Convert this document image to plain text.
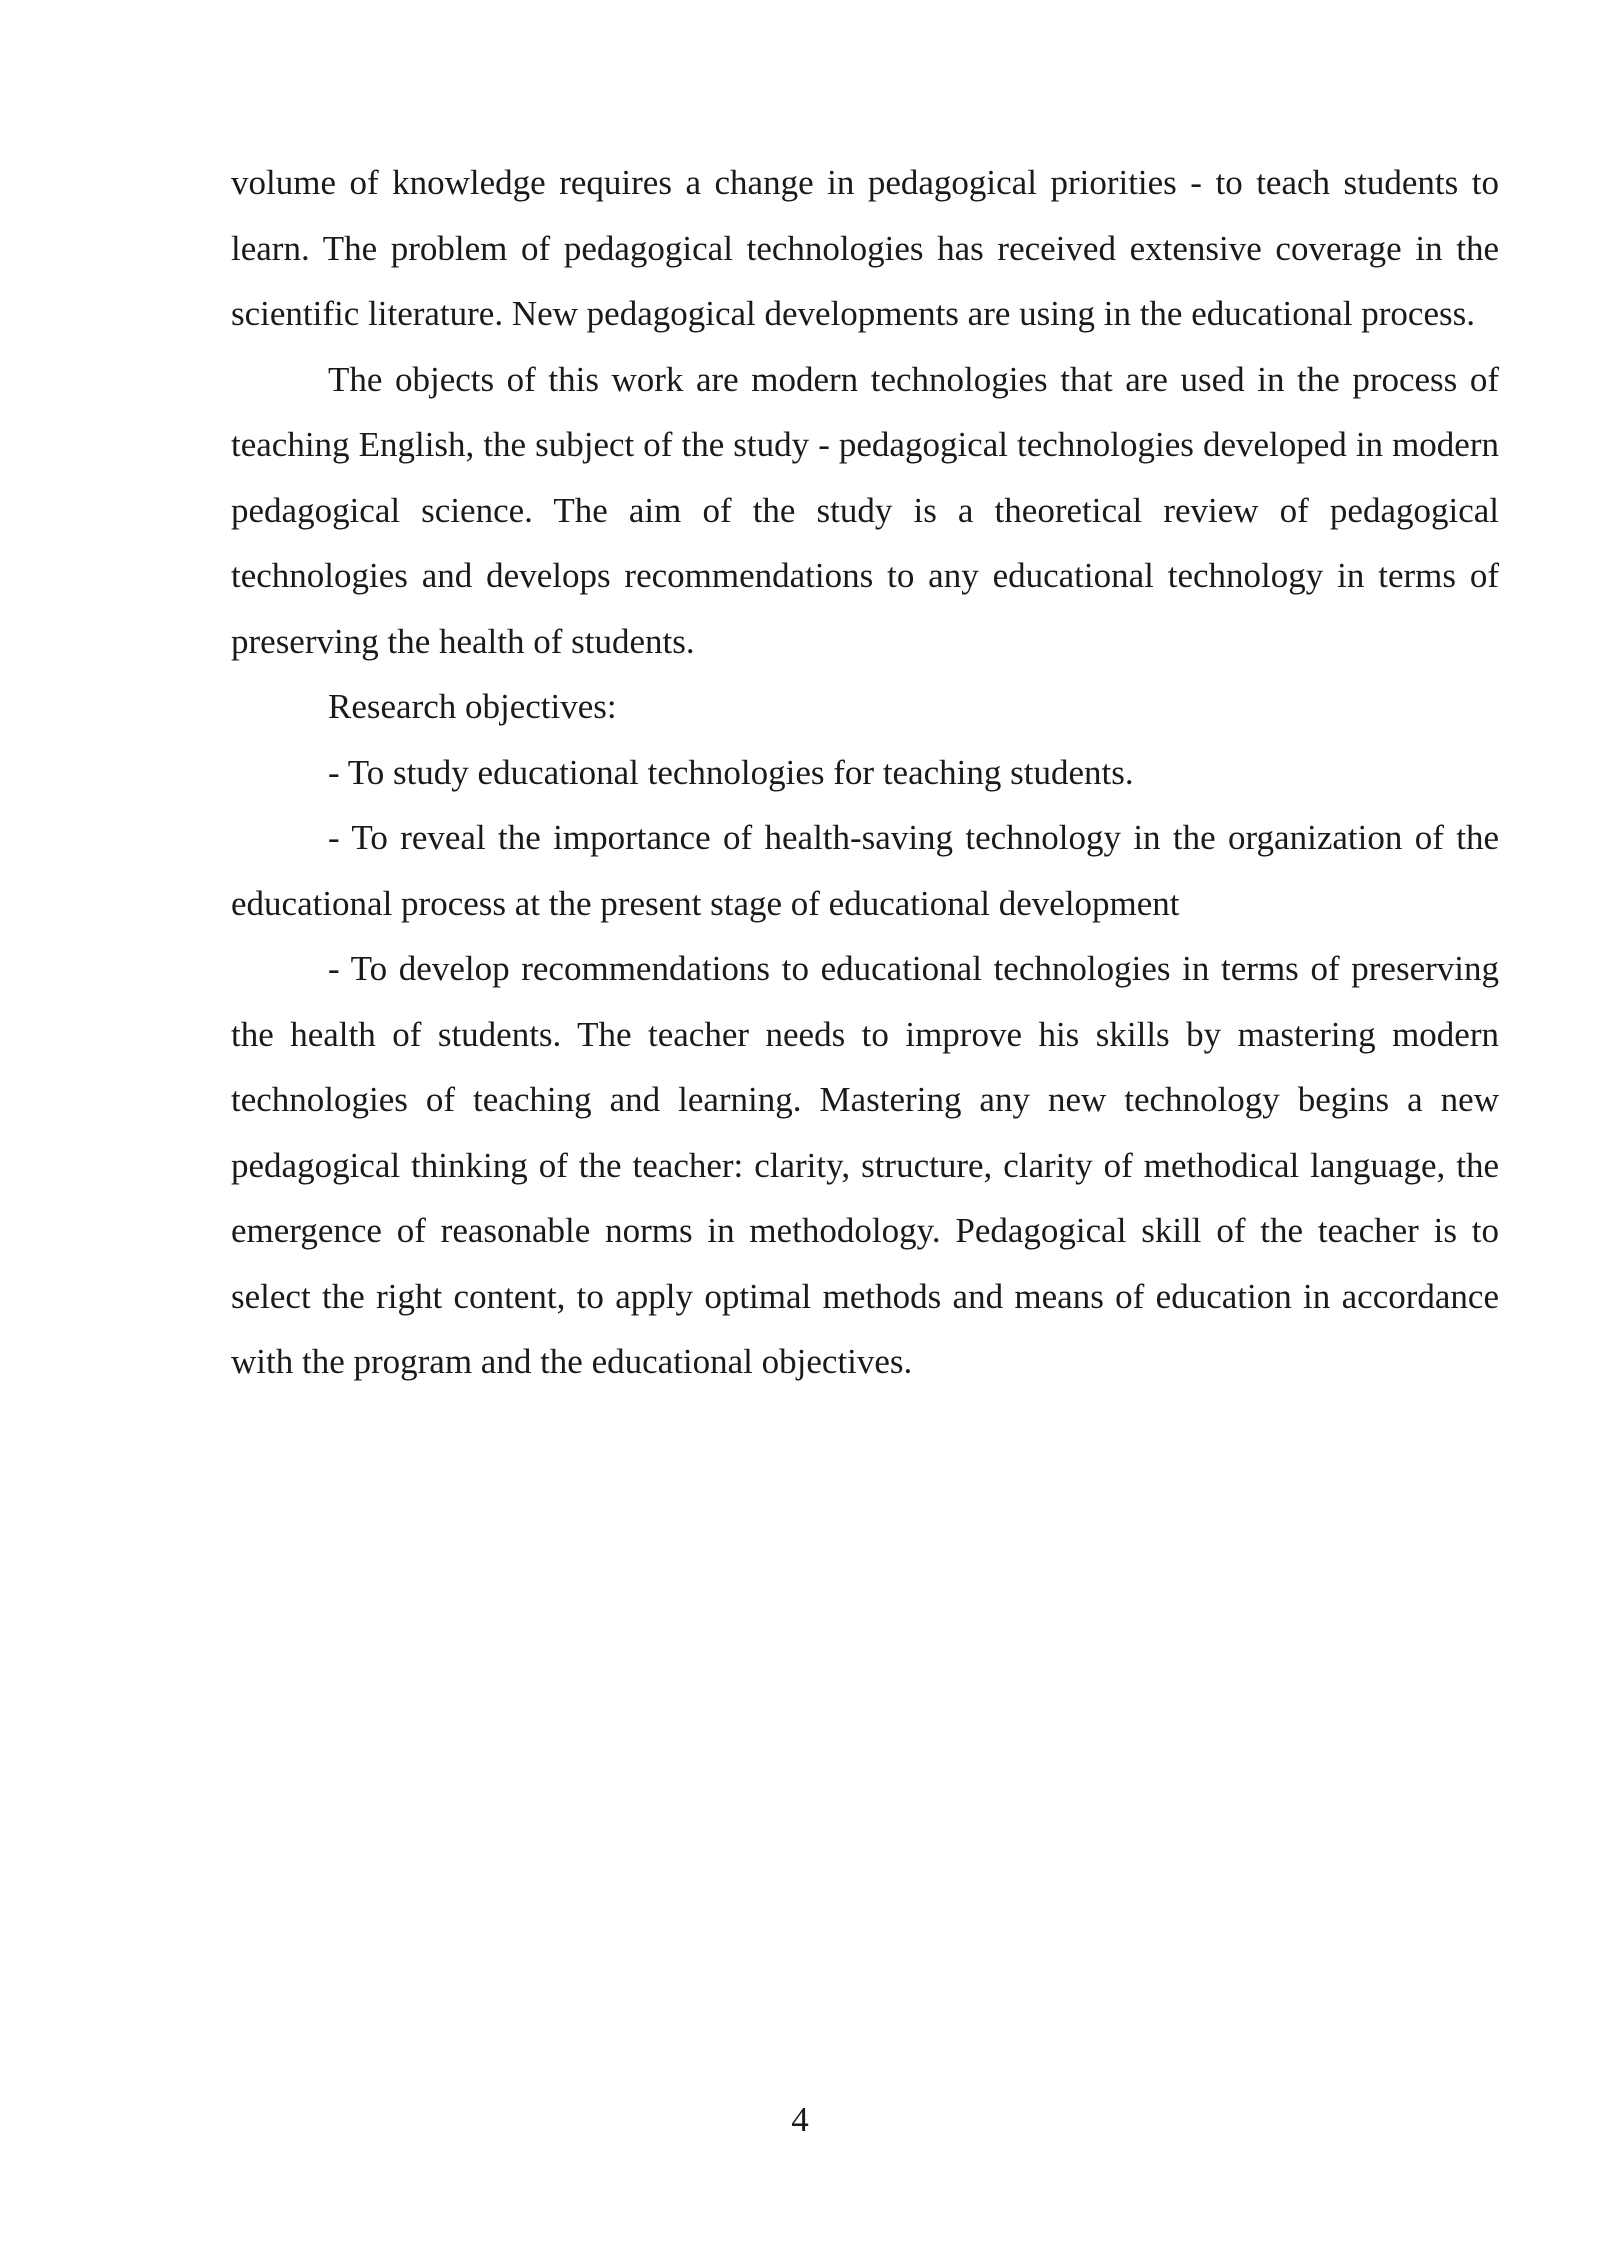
volume of knowledge requires a change in pedagogical priorities - to teach students to learn. The problem of pedagogical technologies has received extensive coverage in the scientific literature. New pedagogical developments are using in the educational process.

The objects of this work are modern technologies that are used in the process of teaching English, the subject of the study - pedagogical technologies developed in modern pedagogical science. The aim of the study is a theoretical review of pedagogical technologies and develops recommendations to any educational technology in terms of preserving the health of students.

Research objectives:

- To study educational technologies for teaching students.

- To reveal the importance of health-saving technology in the organization of the educational process at the present stage of educational development

- To develop recommendations to educational technologies in terms of preserving the health of students. The teacher needs to improve his skills by mastering modern technologies of teaching and learning. Mastering any new technology begins a new pedagogical thinking of the teacher: clarity, structure, clarity of methodical language, the emergence of reasonable norms in methodology. Pedagogical skill of the teacher is to select the right content, to apply optimal methods and means of education in accordance with the program and the educational objectives.

4
